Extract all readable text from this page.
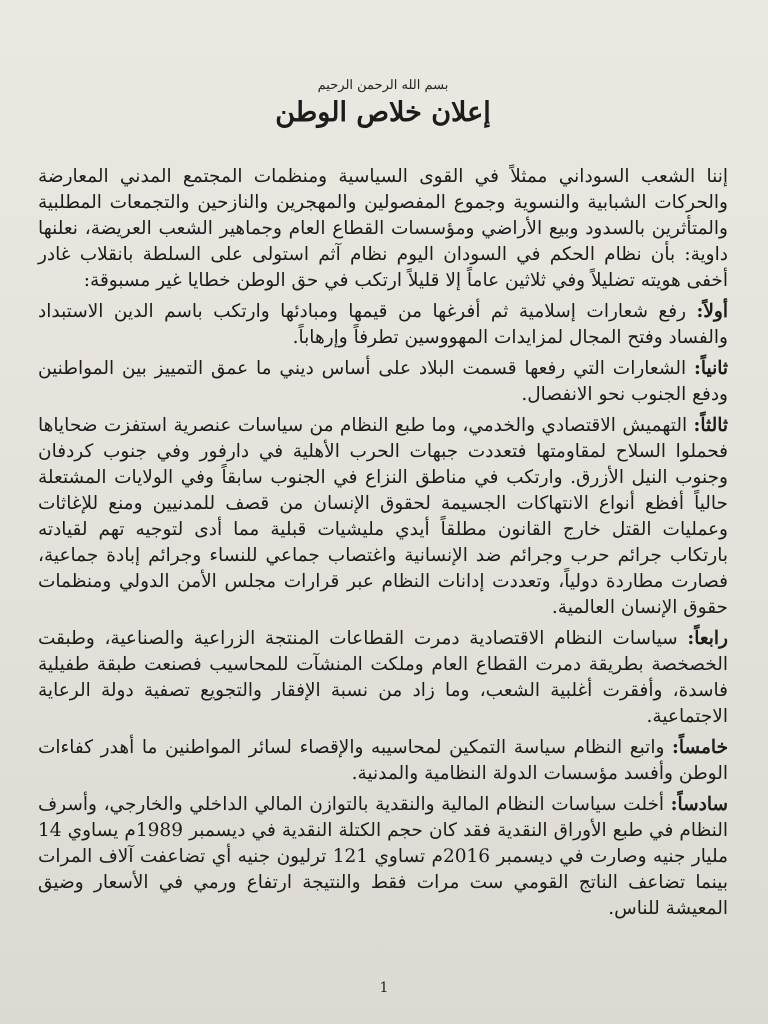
بسم الله الرحمن الرحيم
إعلان خلاص الوطن

إننا الشعب السوداني ممثلاً في القوى السياسية ومنظمات المجتمع المدني المعارضة والحركات الشبابية والنسوية وجموع المفصولين والمهجرين والنازحين والتجمعات المطلبية والمتأثرين بالسدود وبيع الأراضي ومؤسسات القطاع العام وجماهير الشعب العريضة، نعلنها داوية: بأن نظام الحكم في السودان اليوم نظام آثم استولى على السلطة بانقلاب غادر أخفى هويته تضليلاً وفي ثلاثين عاماً إلا قليلاً ارتكب في حق الوطن خطايا غير مسبوقة:

أولاً: رفع شعارات إسلامية ثم أفرغها من قيمها ومبادئها وارتكب باسم الدين الاستبداد والفساد وفتح المجال لمزايدات المهووسين تطرفاً وإرهاباً.

ثانياً: الشعارات التي رفعها قسمت البلاد على أساس ديني ما عمق التمييز بين المواطنين ودفع الجنوب نحو الانفصال.

ثالثاً: التهميش الاقتصادي والخدمي، وما طبع النظام من سياسات عنصرية استفزت ضحاياها فحملوا السلاح لمقاومتها فتعددت جبهات الحرب الأهلية في دارفور وفي جنوب كردفان وجنوب النيل الأزرق. وارتكب في مناطق النزاع في الجنوب سابقاً وفي الولايات المشتعلة حالياً أفظع أنواع الانتهاكات الجسيمة لحقوق الإنسان من قصف للمدنيين ومنع للإغاثات وعمليات القتل خارج القانون مطلقاً أيدي مليشيات قبلية مما أدى لتوجيه تهم لقيادته بارتكاب جرائم حرب وجرائم ضد الإنسانية واغتصاب جماعي للنساء وجرائم إبادة جماعية، فصارت مطاردة دولياً، وتعددت إدانات النظام عبر قرارات مجلس الأمن الدولي ومنظمات حقوق الإنسان العالمية.

رابعاً: سياسات النظام الاقتصادية دمرت القطاعات المنتجة الزراعية والصناعية، وطبقت الخصخصة بطريقة دمرت القطاع العام وملكت المنشآت للمحاسيب فصنعت طبقة طفيلية فاسدة، وأفقرت أغلبية الشعب، وما زاد من نسبة الإفقار والتجويع تصفية دولة الرعاية الاجتماعية.

خامساً: واتبع النظام سياسة التمكين لمحاسيبه والإقصاء لسائر المواطنين ما أهدر كفاءات الوطن وأفسد مؤسسات الدولة النظامية والمدنية.

سادساً: أخلت سياسات النظام المالية والنقدية بالتوازن المالي الداخلي والخارجي، وأسرف النظام في طبع الأوراق النقدية فقد كان حجم الكتلة النقدية في ديسمبر 1989م يساوي 14 مليار جنيه وصارت في ديسمبر 2016م تساوي 121 ترليون جنيه أي تضاعفت آلاف المرات بينما تضاعف الناتج القومي ست مرات فقط والنتيجة ارتفاع ورمي في الأسعار وضيق المعيشة للناس.

1
